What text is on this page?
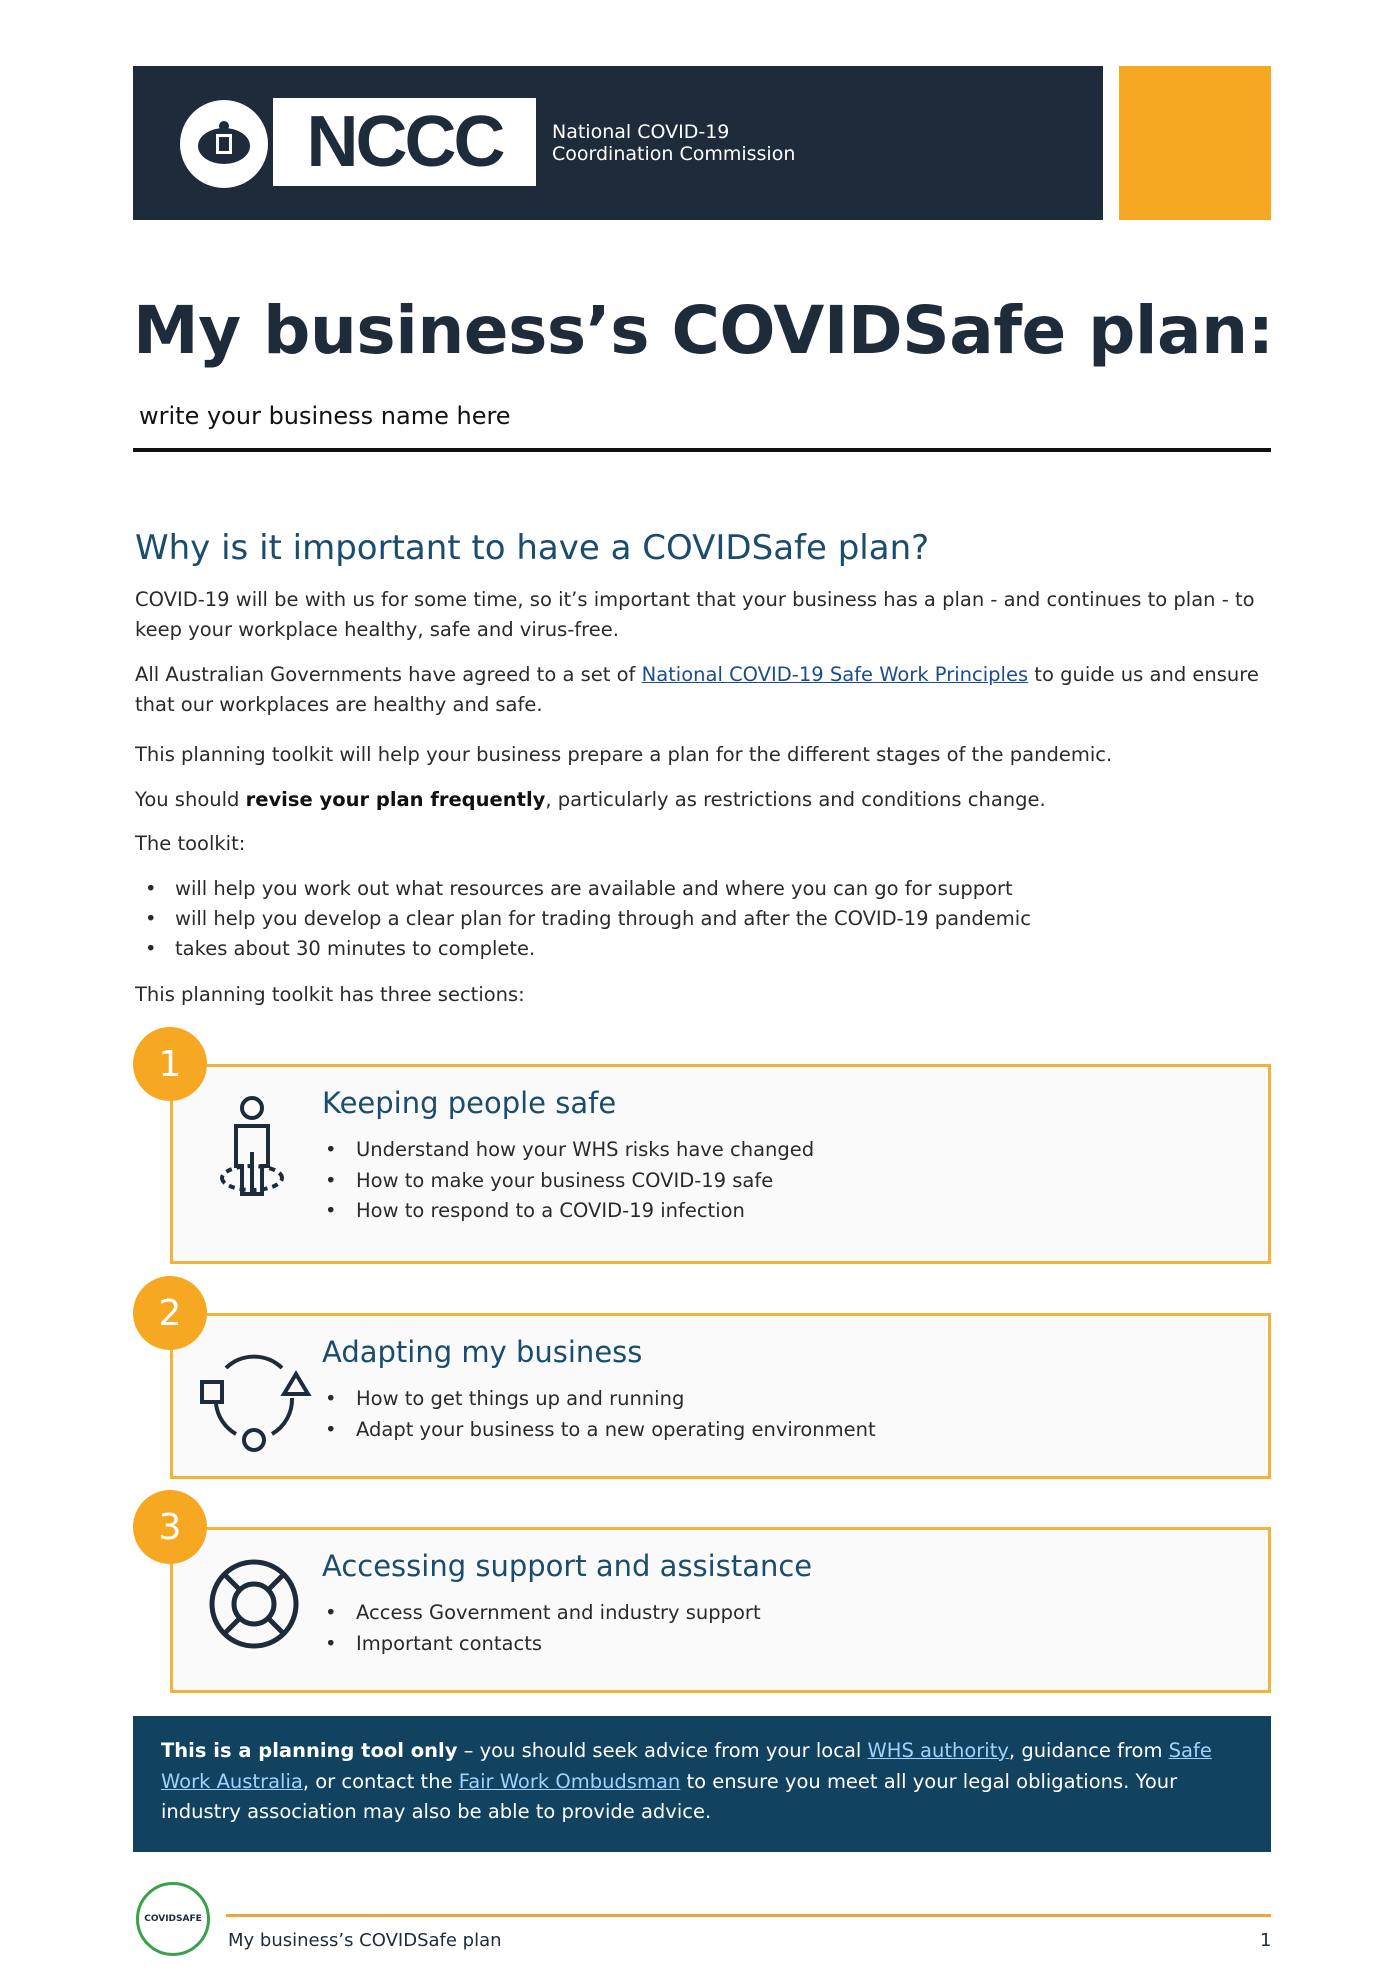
NCCC	National COVID-19
Coordination Commission
My business’s COVIDSafe plan:
write your business name here
Why is it important to have a COVIDSafe plan?

COVID-19 will be with us for some time, so it’s important that your business has a plan - and continues to plan - to keep your workplace healthy, safe and virus-free.

All Australian Governments have agreed to a set of National COVID-19 Safe Work Principles to guide us and ensure that our workplaces are healthy and safe.

This planning toolkit will help your business prepare a plan for the different stages of the pandemic.

You should revise your plan frequently, particularly as restrictions and conditions change.

The toolkit:

• will help you work out what resources are available and where you can go for support
• will help you develop a clear plan for trading through and after the COVID-19 pandemic
• takes about 30 minutes to complete.

This planning toolkit has three sections:

1
Keeping people safe
• Understand how your WHS risks have changed
• How to make your business COVID-19 safe
• How to respond to a COVID-19 infection
2
Adapting my business
• How to get things up and running
• Adapt your business to a new operating environment
3
Accessing support and assistance
• Access Government and industry support
• Important contacts

This is a planning tool only – you should seek advice from your local WHS authority, guidance from Safe Work Australia, or contact the Fair Work Ombudsman to ensure you meet all your legal obligations. Your industry association may also be able to provide advice.

COVIDSAFE
My business’s COVIDSafe plan	1
